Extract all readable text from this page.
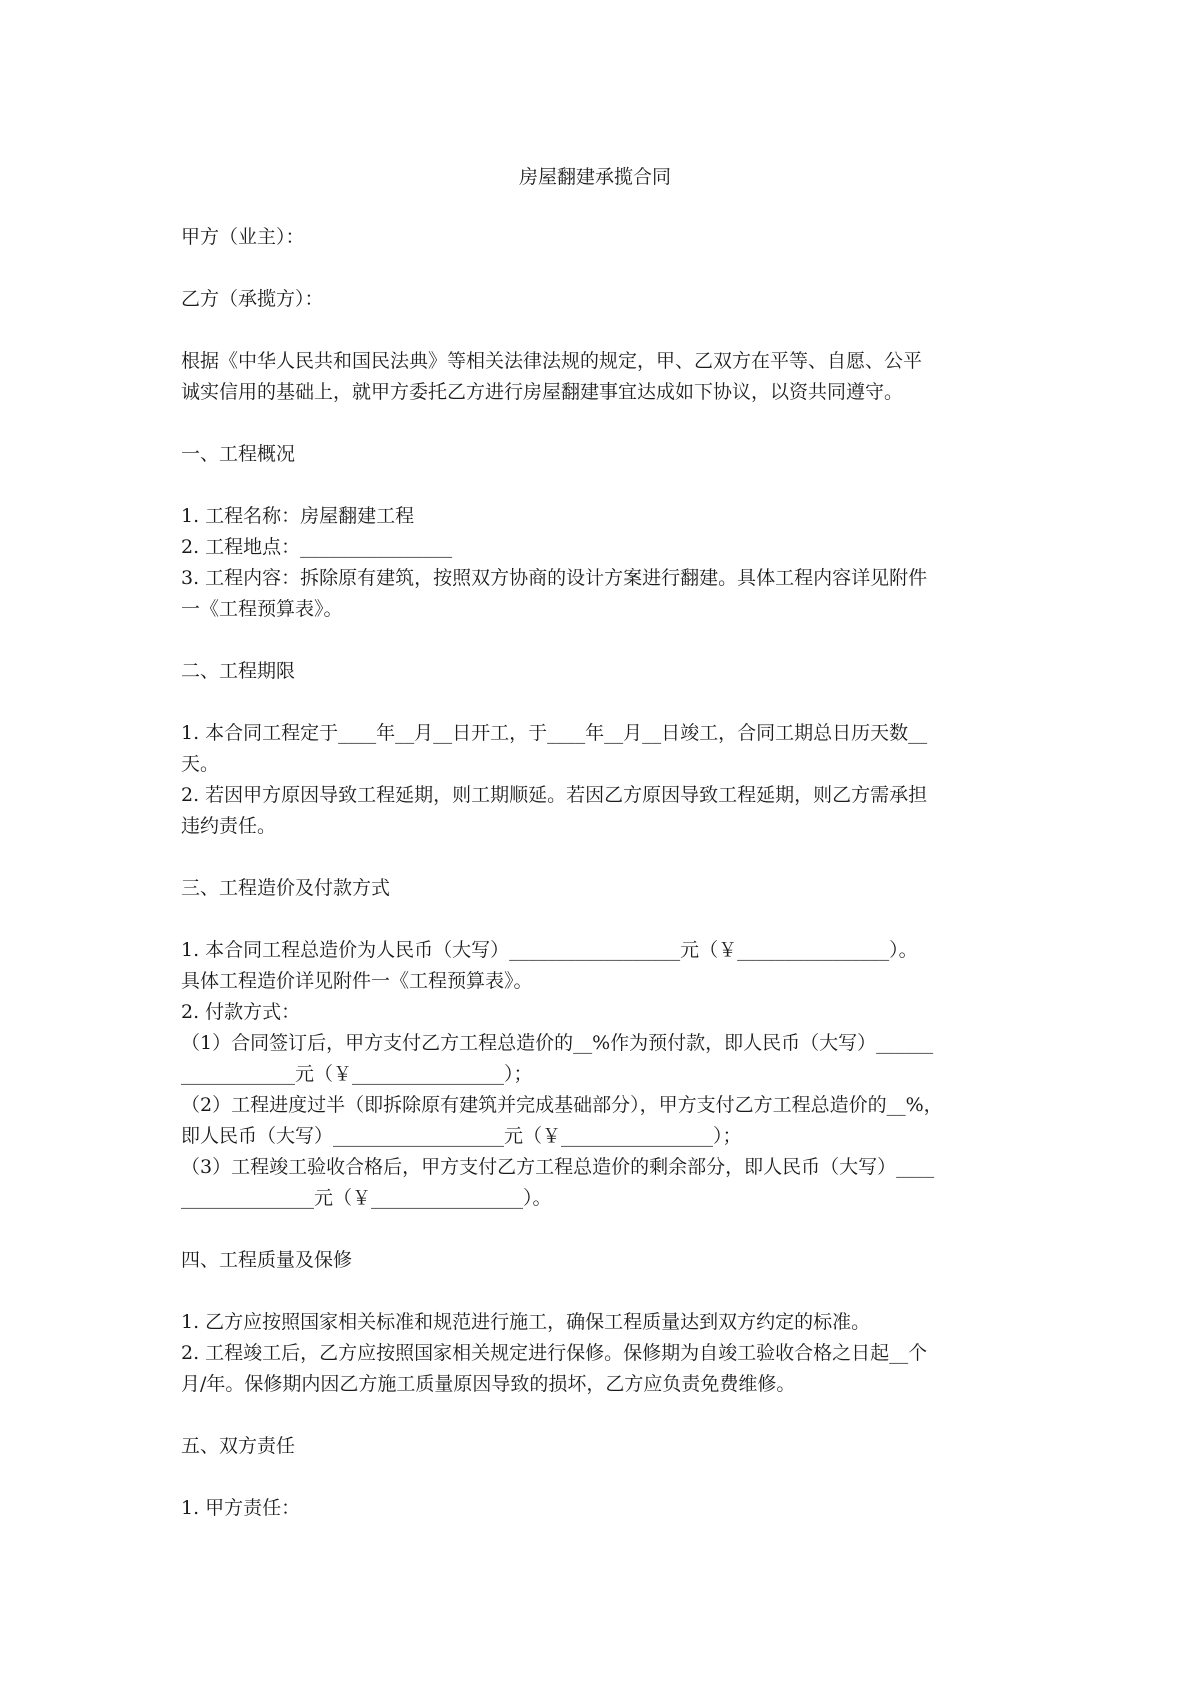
房屋翻建承揽合同

甲方（业主）：

乙方（承揽方）：

根据《中华人民共和国民法典》等相关法律法规的规定，甲、乙双方在平等、自愿、公平

诚实信用的基础上，就甲方委托乙方进行房屋翻建事宜达成如下协议，以资共同遵守。

一、工程概况

1. 工程名称：房屋翻建工程

2. 工程地点：________________

3. 工程内容：拆除原有建筑，按照双方协商的设计方案进行翻建。具体工程内容详见附件

一《工程预算表》。

二、工程期限

1. 本合同工程定于____年__月__日开工，于____年__月__日竣工，合同工期总日历天数__

天。

2. 若因甲方原因导致工程延期，则工期顺延。若因乙方原因导致工程延期，则乙方需承担

违约责任。

三、工程造价及付款方式

1. 本合同工程总造价为人民币（大写）__________________元（￥________________）。

具体工程造价详见附件一《工程预算表》。

2. 付款方式：

（1）合同签订后，甲方支付乙方工程总造价的__%作为预付款，即人民币（大写）______

____________元（￥________________）；

（2）工程进度过半（即拆除原有建筑并完成基础部分），甲方支付乙方工程总造价的__%，

即人民币（大写）__________________元（￥________________）；

（3）工程竣工验收合格后，甲方支付乙方工程总造价的剩余部分，即人民币（大写）____

______________元（￥________________）。

四、工程质量及保修

1. 乙方应按照国家相关标准和规范进行施工，确保工程质量达到双方约定的标准。

2. 工程竣工后，乙方应按照国家相关规定进行保修。保修期为自竣工验收合格之日起__个

月/年。保修期内因乙方施工质量原因导致的损坏，乙方应负责免费维修。

五、双方责任

1. 甲方责任：
